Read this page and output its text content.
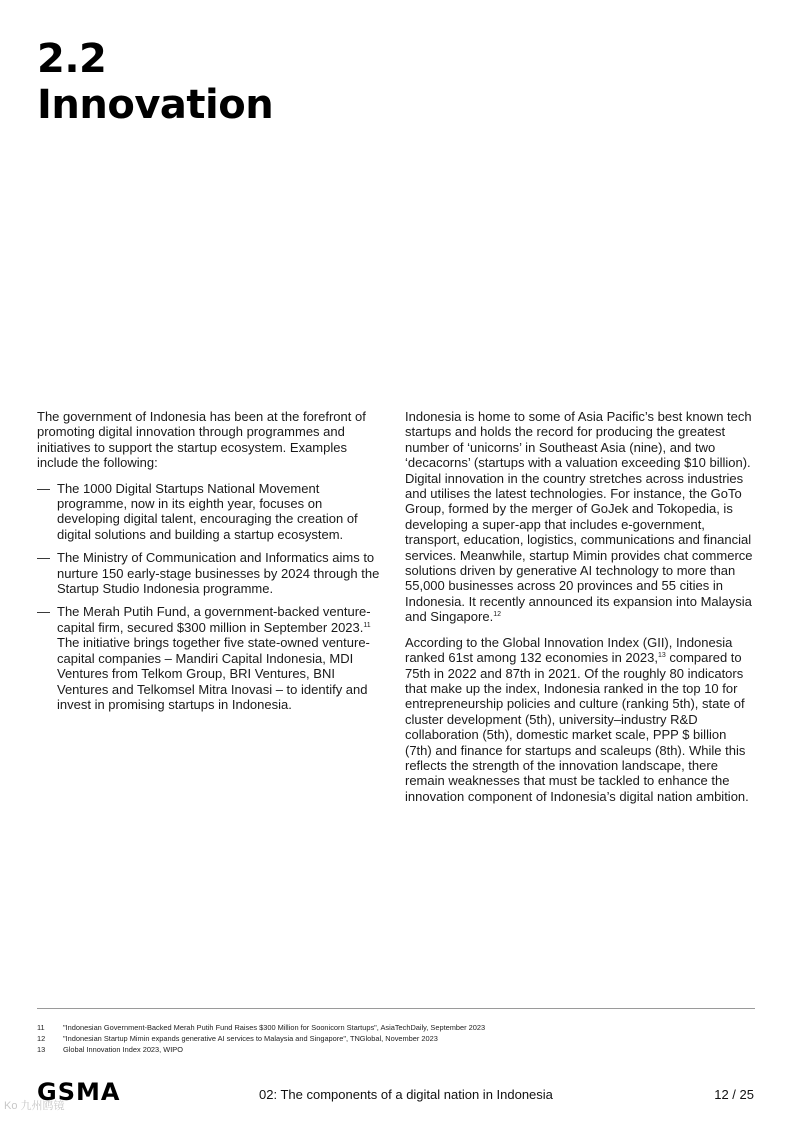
2.2
Innovation

The government of Indonesia has been at the forefront of promoting digital innovation through programmes and initiatives to support the startup ecosystem. Examples include the following:

— The 1000 Digital Startups National Movement programme, now in its eighth year, focuses on developing digital talent, encouraging the creation of digital solutions and building a startup ecosystem.
— The Ministry of Communication and Informatics aims to nurture 150 early-stage businesses by 2024 through the Startup Studio Indonesia programme.
— The Merah Putih Fund, a government-backed venture-capital firm, secured $300 million in September 2023.11 The initiative brings together five state-owned venture-capital companies – Mandiri Capital Indonesia, MDI Ventures from Telkom Group, BRI Ventures, BNI Ventures and Telkomsel Mitra Inovasi – to identify and invest in promising startups in Indonesia.

Indonesia is home to some of Asia Pacific’s best known tech startups and holds the record for producing the greatest number of ‘unicorns’ in Southeast Asia (nine), and two ‘decacorns’ (startups with a valuation exceeding $10 billion). Digital innovation in the country stretches across industries and utilises the latest technologies. For instance, the GoTo Group, formed by the merger of GoJek and Tokopedia, is developing a super-app that includes e-government, transport, education, logistics, communications and financial services. Meanwhile, startup Mimin provides chat commerce solutions driven by generative AI technology to more than 55,000 businesses across 20 provinces and 55 cities in Indonesia. It recently announced its expansion into Malaysia and Singapore.$^{12}$

According to the Global Innovation Index (GII), Indonesia ranked 61st among 132 economies in 2023,13 compared to 75th in 2022 and 87th in 2021. Of the roughly 80 indicators that make up the index, Indonesia ranked in the top 10 for entrepreneurship policies and culture (ranking 5th), state of cluster development (5th), university–industry R&D collaboration (5th), domestic market scale, PPP $ billion (7th) and finance for startups and scaleups (8th). While this reflects the strength of the innovation landscape, there remain weaknesses that must be tackled to enhance the innovation component of Indonesia’s digital nation ambition.

11	"Indonesian Government-Backed Merah Putih Fund Raises $300 Million for Soonicorn Startups", AsiaTechDaily, September 2023
12	"Indonesian Startup Mimin expands generative AI services to Malaysia and Singapore", TNGlobal, November 2023
13	Global Innovation Index 2023, WIPO
GSMA	02: The components of a digital nation in Indonesia	12 / 25
Ko 九州鸥镜
